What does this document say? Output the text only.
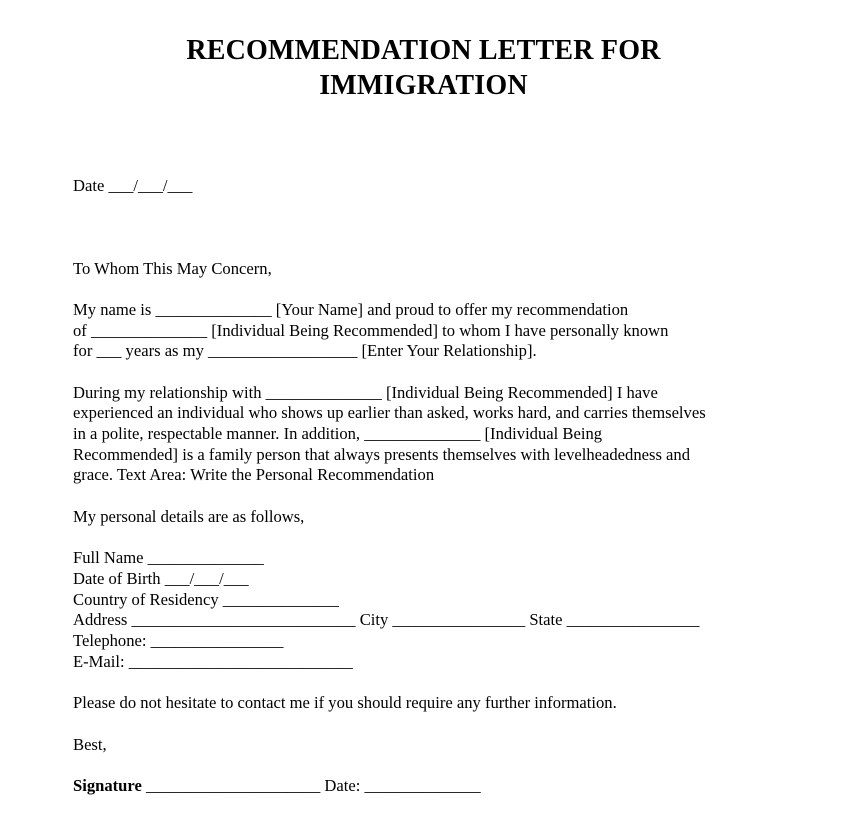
RECOMMENDATION LETTER FOR
IMMIGRATION
Date ___/___/___
To Whom This May Concern,
My name is ______________ [Your Name] and proud to offer my recommendation
of ______________ [Individual Being Recommended] to whom I have personally known
for ___ years as my __________________ [Enter Your Relationship].
During my relationship with ______________ [Individual Being Recommended] I have
experienced an individual who shows up earlier than asked, works hard, and carries themselves
in a polite, respectable manner. In addition, ______________ [Individual Being
Recommended] is a family person that always presents themselves with levelheadedness and
grace. Text Area: Write the Personal Recommendation
My personal details are as follows,
Full Name ______________
Date of Birth ___/___/___
Country of Residency ______________
Address ___________________________ City ________________ State ________________
Telephone: ________________
E-Mail: ___________________________
Please do not hesitate to contact me if you should require any further information.
Best,
Signature _____________________ Date: ______________
